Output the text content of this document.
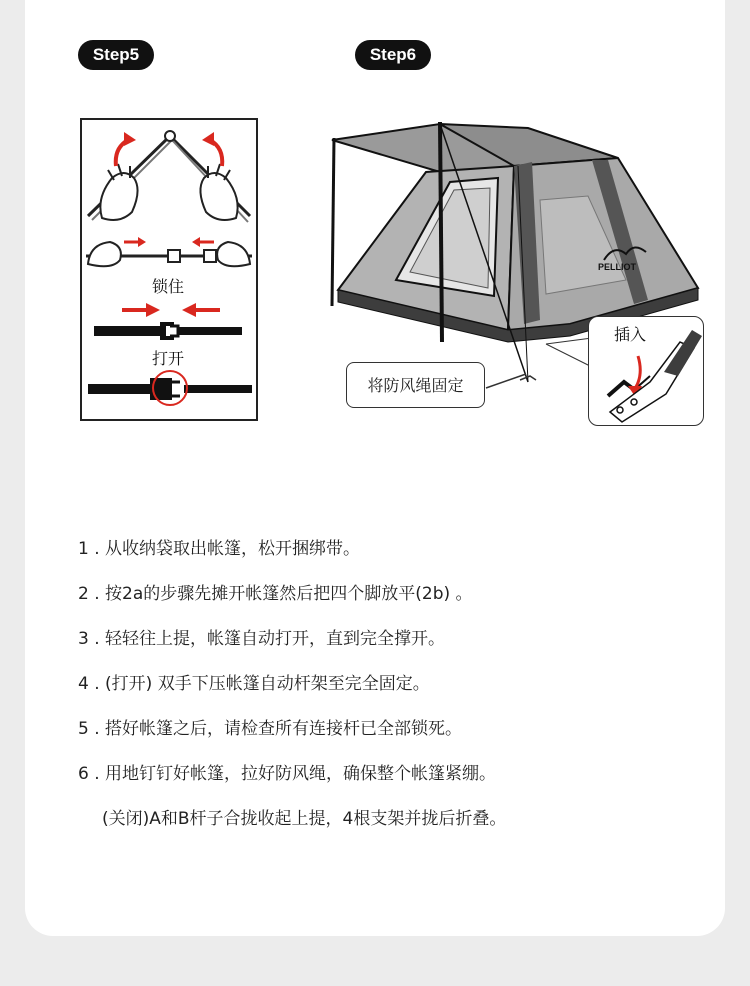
Step5	Step6
锁住
打开
PELLIOT
将防风绳固定
插入
1 . 从收纳袋取出帐篷，松开捆绑带。
2 . 按2a的步骤先摊开帐篷然后把四个脚放平(2b) 。
3 . 轻轻往上提，帐篷自动打开，直到完全撑开。
4 . (打开) 双手下压帐篷自动杆架至完全固定。
5 . 搭好帐篷之后，请检查所有连接杆已全部锁死。
6 . 用地钉钉好帐篷，拉好防风绳，确保整个帐篷紧绷。
(关闭)A和B杆子合拢收起上提，4根支架并拢后折叠。
